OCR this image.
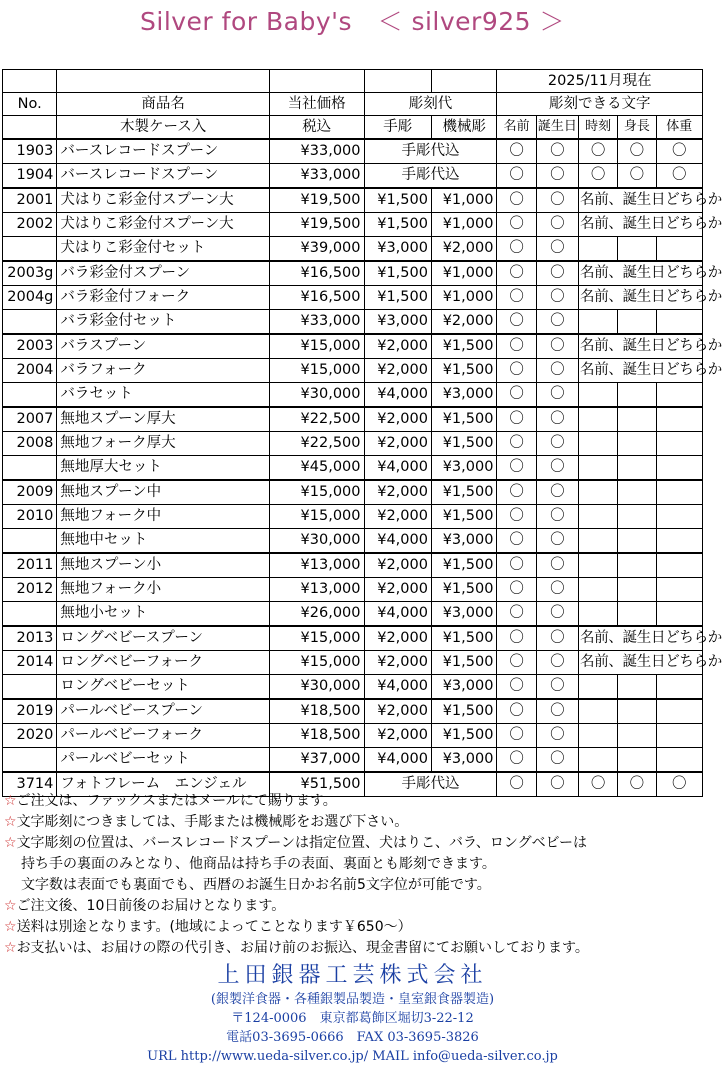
Silver for Baby's　＜ silver925 ＞
					2025/11月現在				
No.	商品名	当社価格	彫刻代		彫刻できる文字				
	木製ケース入	税込	手彫	機械彫	名前	誕生日	時刻	身長	体重
1903	バースレコードスプーン	¥33,000	手彫代込		〇	〇	〇	〇	〇
1904	バースレコードスプーン	¥33,000	手彫代込		〇	〇	〇	〇	〇
2001	犬はりこ彩金付スプーン大	¥19,500	¥1,500	¥1,000	〇	〇	名前、誕生日どちらか		
2002	犬はりこ彩金付スプーン大	¥19,500	¥1,500	¥1,000	〇	〇	名前、誕生日どちらか		
	犬はりこ彩金付セット	¥39,000	¥3,000	¥2,000	〇	〇			
2003g	バラ彩金付スプーン	¥16,500	¥1,500	¥1,000	〇	〇	名前、誕生日どちらか		
2004g	バラ彩金付フォーク	¥16,500	¥1,500	¥1,000	〇	〇	名前、誕生日どちらか		
	バラ彩金付セット	¥33,000	¥3,000	¥2,000	〇	〇			
2003	バラスプーン	¥15,000	¥2,000	¥1,500	〇	〇	名前、誕生日どちらか		
2004	バラフォーク	¥15,000	¥2,000	¥1,500	〇	〇	名前、誕生日どちらか		
	バラセット	¥30,000	¥4,000	¥3,000	〇	〇			
2007	無地スプーン厚大	¥22,500	¥2,000	¥1,500	〇	〇			
2008	無地フォーク厚大	¥22,500	¥2,000	¥1,500	〇	〇			
	無地厚大セット	¥45,000	¥4,000	¥3,000	〇	〇			
2009	無地スプーン中	¥15,000	¥2,000	¥1,500	〇	〇			
2010	無地フォーク中	¥15,000	¥2,000	¥1,500	〇	〇			
	無地中セット	¥30,000	¥4,000	¥3,000	〇	〇			
2011	無地スプーン小	¥13,000	¥2,000	¥1,500	〇	〇			
2012	無地フォーク小	¥13,000	¥2,000	¥1,500	〇	〇			
	無地小セット	¥26,000	¥4,000	¥3,000	〇	〇			
2013	ロングベビースプーン	¥15,000	¥2,000	¥1,500	〇	〇	名前、誕生日どちらか		
2014	ロングベビーフォーク	¥15,000	¥2,000	¥1,500	〇	〇	名前、誕生日どちらか		
	ロングベビーセット	¥30,000	¥4,000	¥3,000	〇	〇			
2019	パールベビースプーン	¥18,500	¥2,000	¥1,500	〇	〇			
2020	パールベビーフォーク	¥18,500	¥2,000	¥1,500	〇	〇			
	パールベビーセット	¥37,000	¥4,000	¥3,000	〇	〇			
3714	フォトフレーム　エンジェル	¥51,500	手彫代込		〇	〇	〇	〇	〇
☆ご注文は、ファックスまたはメールにて賜ります。
☆文字彫刻につきましては、手彫または機械彫をお選び下さい。
☆文字彫刻の位置は、バースレコードスプーンは指定位置、犬はりこ、バラ、ロングベビーは
持ち手の裏面のみとなり、他商品は持ち手の表面、裏面とも彫刻できます。
文字数は表面でも裏面でも、西暦のお誕生日かお名前5文字位が可能です。
☆ご注文後、10日前後のお届けとなります。
☆送料は別途となります。(地域によってことなります￥650～）
☆お支払いは、お届けの際の代引き、お届け前のお振込、現金書留にてお願いしております。
上田銀器工芸株式会社
(銀製洋食器・各種銀製品製造・皇室銀食器製造)
〒124-0006　東京都葛飾区堀切3-22-12
電話03-3695-0666　FAX 03-3695-3826
URL http://www.ueda-silver.co.jp/ MAIL info@ueda-silver.co.jp
